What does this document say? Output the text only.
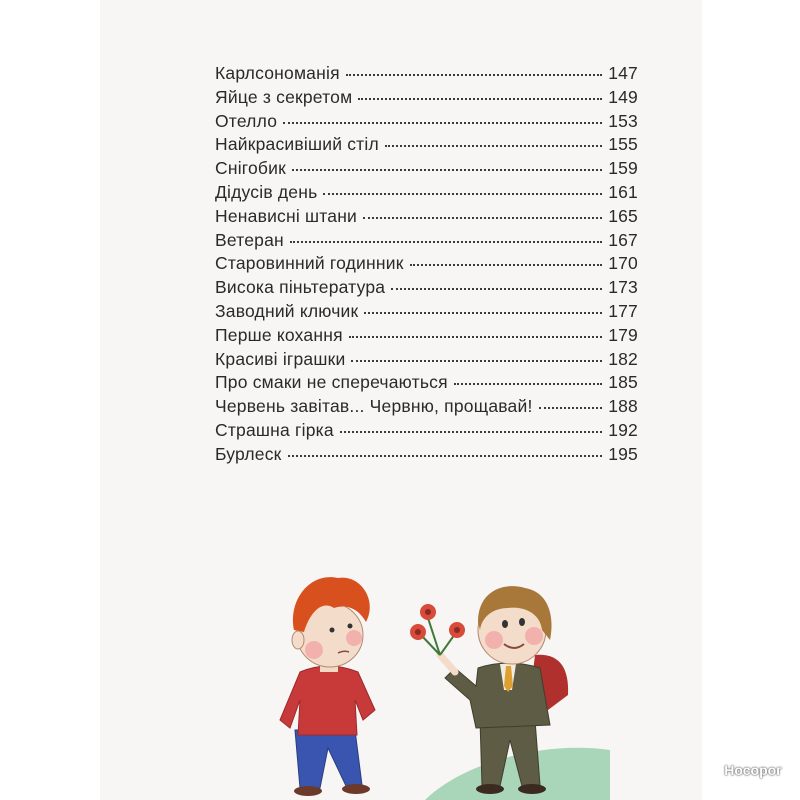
Карлсономанія	147
Яйце з секретом	149
Отелло	153
Найкрасивіший стіл	155
Снігобик	159
Дідусів день	161
Ненависні штани	165
Ветеран	167
Старовинний годинник	170
Висока пiньтература	173
Заводний ключик	177
Перше кохання	179
Красиві іграшки	182
Про смаки не сперечаються	185
Червень завітав... Червню, прощавай!	188
Страшна гірка	192
Бурлеск	195
Носорог
